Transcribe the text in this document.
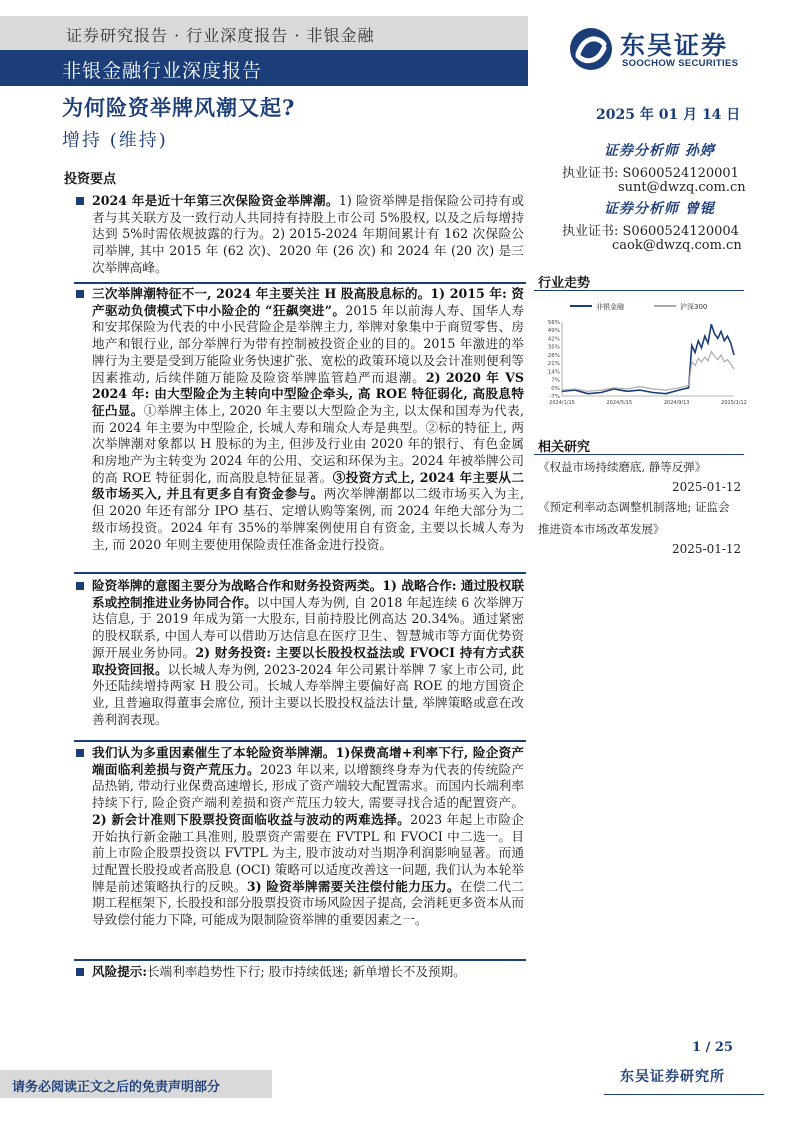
证券研究报告 · 行业深度报告 · 非银金融
非银金融行业深度报告
东吴证券
SOOCHOW SECURITIES
为何险资举牌风潮又起?	2025 年 01 月 14 日
增持 (维持)	证券分析师 孙婷
执业证书: S0600524120001
sunt@dwzq.com.cn
证券分析师 曾锟
执业证书: S0600524120004
caok@dwzq.com.cn
投资要点
2024 年是近十年第三次保险资金举牌潮。1) 险资举牌是指保险公司持有或者与其关联方及一致行动人共同持有持股上市公司 5%股权, 以及之后每增持达到 5%时需依规披露的行为。2) 2015-2024 年期间累计有 162 次保险公司举牌, 其中 2015 年 (62 次)、2020 年 (26 次) 和 2024 年 (20 次) 是三次举牌高峰。
三次举牌潮特征不一, 2024 年主要关注 H 股高股息标的。1) 2015 年: 资产驱动负债模式下中小险企的 “狂飙突进”。2015 年以前海人寿、国华人寿和安邦保险为代表的中小民营险企是举牌主力, 举牌对象集中于商贸零售、房地产和银行业, 部分举牌行为带有控制被投资企业的目的。2015 年激进的举牌行为主要是受到万能险业务快速扩张、宽松的政策环境以及会计准则便利等因素推动, 后续伴随万能险及险资举牌监管趋严而退潮。2) 2020 年 VS 2024 年: 由大型险企为主转向中型险企牵头, 高 ROE 特征弱化, 高股息特征凸显。①举牌主体上, 2020 年主要以大型险企为主, 以太保和国寿为代表, 而 2024 年主要为中型险企, 长城人寿和瑞众人寿是典型。②标的特征上, 两次举牌潮对象都以 H 股标的为主, 但涉及行业由 2020 年的银行、有色金属和房地产为主转变为 2024 年的公用、交运和环保为主。2024 年被举牌公司的高 ROE 特征弱化, 而高股息特征显著。③投资方式上, 2024 年主要从二级市场买入, 并且有更多自有资金参与。两次举牌潮都以二级市场买入为主, 但 2020 年还有部分 IPO 基石、定增认购等案例, 而 2024 年绝大部分为二级市场投资。2024 年有 35%的举牌案例使用自有资金, 主要以长城人寿为主, 而 2020 年则主要使用保险责任准备金进行投资。
险资举牌的意图主要分为战略合作和财务投资两类。1) 战略合作: 通过股权联系或控制推进业务协同合作。以中国人寿为例, 自 2018 年起连续 6 次举牌万达信息, 于 2019 年成为第一大股东, 目前持股比例高达 20.34%。通过紧密的股权联系, 中国人寿可以借助万达信息在医疗卫生、智慧城市等方面优势资源开展业务协同。2) 财务投资: 主要以长股投权益法或 FVOCI 持有方式获取投资回报。以长城人寿为例, 2023-2024 年公司累计举牌 7 家上市公司, 此外还陆续增持两家 H 股公司。长城人寿举牌主要偏好高 ROE 的地方国资企业, 且普遍取得董事会席位, 预计主要以长股投权益法计量, 举牌策略或意在改善利润表现。
我们认为多重因素催生了本轮险资举牌潮。1)保费高增+利率下行, 险企资产端面临利差损与资产荒压力。2023 年以来, 以增额终身寿为代表的传统险产品热销, 带动行业保费高速增长, 形成了资产端较大配置需求。而国内长端利率持续下行, 险企资产端利差损和资产荒压力较大, 需要寻找合适的配置资产。2) 新会计准则下股票投资面临收益与波动的两难选择。2023 年起上市险企开始执行新金融工具准则, 股票资产需要在 FVTPL 和 FVOCI 中二选一。目前上市险企股票投资以 FVTPL 为主, 股市波动对当期净利润影响显著。而通过配置长股投或者高股息 (OCI) 策略可以适度改善这一问题, 我们认为本轮举牌是前述策略执行的反映。3) 险资举牌需要关注偿付能力压力。在偿二代二期工程框架下, 长股投和部分股票投资市场风险因子提高, 会消耗更多资本从而导致偿付能力下降, 可能成为限制险资举牌的重要因素之一。
风险提示:长端利率趋势性下行; 股市持续低迷; 新单增长不及预期。
行业走势
非银金融	沪深300
56%
49%
42%
35%
28%
21%
14%
7%
0%
-7%
2024/1/15	2024/5/15	2024/9/13	2025/1/12
相关研究
《权益市场持续磨底, 静等反弹》
2025-01-12
《预定利率动态调整机制落地; 证监会推进资本市场改革发展》
2025-01-12
1 / 25
东吴证券研究所
请务必阅读正文之后的免责声明部分
